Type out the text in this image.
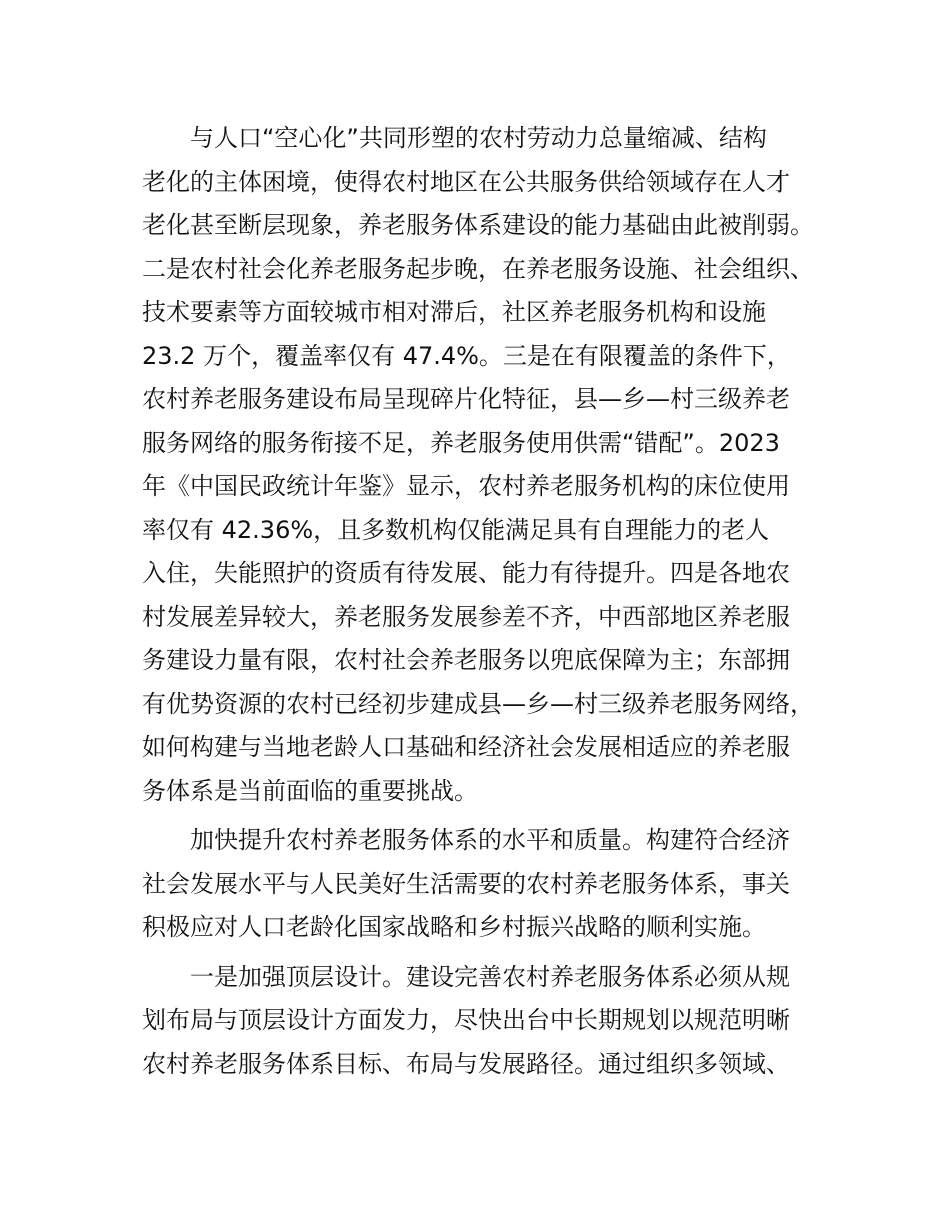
　　与人口“空心化”共同形塑的农村劳动力总量缩减、结构
老化的主体困境，使得农村地区在公共服务供给领域存在人才
老化甚至断层现象，养老服务体系建设的能力基础由此被削弱。
二是农村社会化养老服务起步晚，在养老服务设施、社会组织、
技术要素等方面较城市相对滞后，社区养老服务机构和设施
23.2 万个，覆盖率仅有 47.4%。三是在有限覆盖的条件下，
农村养老服务建设布局呈现碎片化特征，县—乡—村三级养老
服务网络的服务衔接不足，养老服务使用供需“错配”。2023
年《中国民政统计年鉴》显示，农村养老服务机构的床位使用
率仅有 42.36%，且多数机构仅能满足具有自理能力的老人
入住，失能照护的资质有待发展、能力有待提升。四是各地农
村发展差异较大，养老服务发展参差不齐，中西部地区养老服
务建设力量有限，农村社会养老服务以兜底保障为主；东部拥
有优势资源的农村已经初步建成县—乡—村三级养老服务网络，
如何构建与当地老龄人口基础和经济社会发展相适应的养老服
务体系是当前面临的重要挑战。
　　加快提升农村养老服务体系的水平和质量。构建符合经济
社会发展水平与人民美好生活需要的农村养老服务体系，事关
积极应对人口老龄化国家战略和乡村振兴战略的顺利实施。
　　一是加强顶层设计。建设完善农村养老服务体系必须从规
划布局与顶层设计方面发力，尽快出台中长期规划以规范明晰
农村养老服务体系目标、布局与发展路径。通过组织多领域、
